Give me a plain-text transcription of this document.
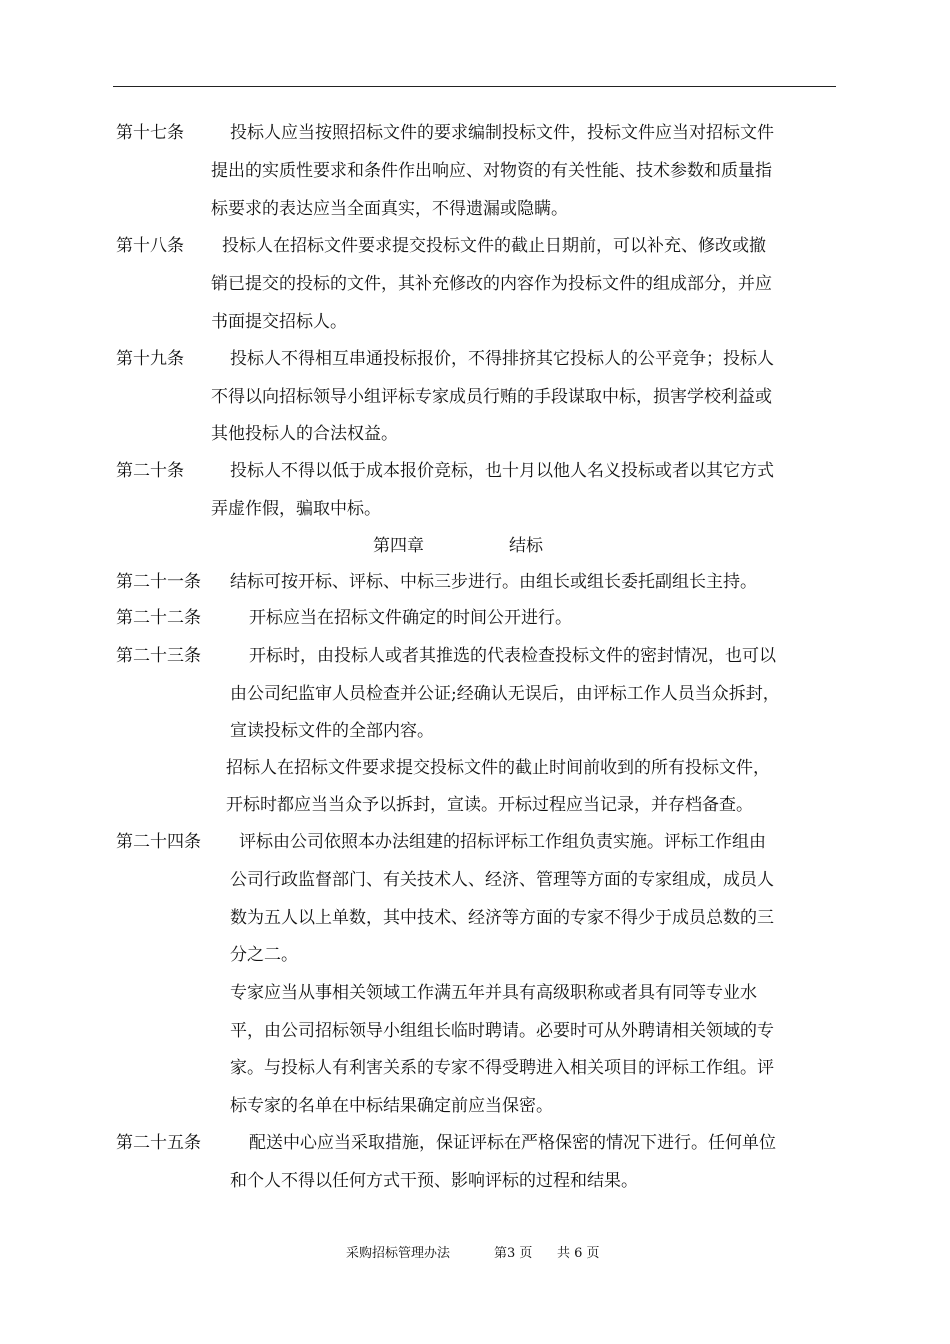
第十七条	投标人应当按照招标文件的要求编制投标文件，投标文件应当对招标文件
提出的实质性要求和条件作出响应、对物资的有关性能、技术参数和质量指
标要求的表达应当全面真实，不得遗漏或隐瞒。
第十八条 投标人在招标文件要求提交投标文件的截止日期前，可以补充、修改或撤
销已提交的投标的文件，其补充修改的内容作为投标文件的组成部分，并应
书面提交招标人。
第十九条	投标人不得相互串通投标报价，不得排挤其它投标人的公平竞争；投标人
不得以向招标领导小组评标专家成员行贿的手段谋取中标，损害学校利益或
其他投标人的合法权益。
第二十条	投标人不得以低于成本报价竞标，也十月以他人名义投标或者以其它方式
弄虚作假，骗取中标。
第四章	结标
第二十一条 结标可按开标、评标、中标三步进行。由组长或组长委托副组长主持。
第二十二条	开标应当在招标文件确定的时间公开进行。
第二十三条	开标时，由投标人或者其推选的代表检查投标文件的密封情况，也可以
由公司纪监审人员检查并公证;经确认无误后，由评标工作人员当众拆封，
宣读投标文件的全部内容。
招标人在招标文件要求提交投标文件的截止时间前收到的所有投标文件，
开标时都应当当众予以拆封，宣读。开标过程应当记录，并存档备查。
第二十四条 评标由公司依照本办法组建的招标评标工作组负责实施。评标工作组由
公司行政监督部门、有关技术人、经济、管理等方面的专家组成，成员人
数为五人以上单数，其中技术、经济等方面的专家不得少于成员总数的三
分之二。
专家应当从事相关领域工作满五年并具有高级职称或者具有同等专业水
平，由公司招标领导小组组长临时聘请。必要时可从外聘请相关领域的专
家。与投标人有利害关系的专家不得受聘进入相关项目的评标工作组。评
标专家的名单在中标结果确定前应当保密。
第二十五条	配送中心应当采取措施，保证评标在严格保密的情况下进行。任何单位
和个人不得以任何方式干预、影响评标的过程和结果。
采购招标管理办法	第3 页 共 6 页
